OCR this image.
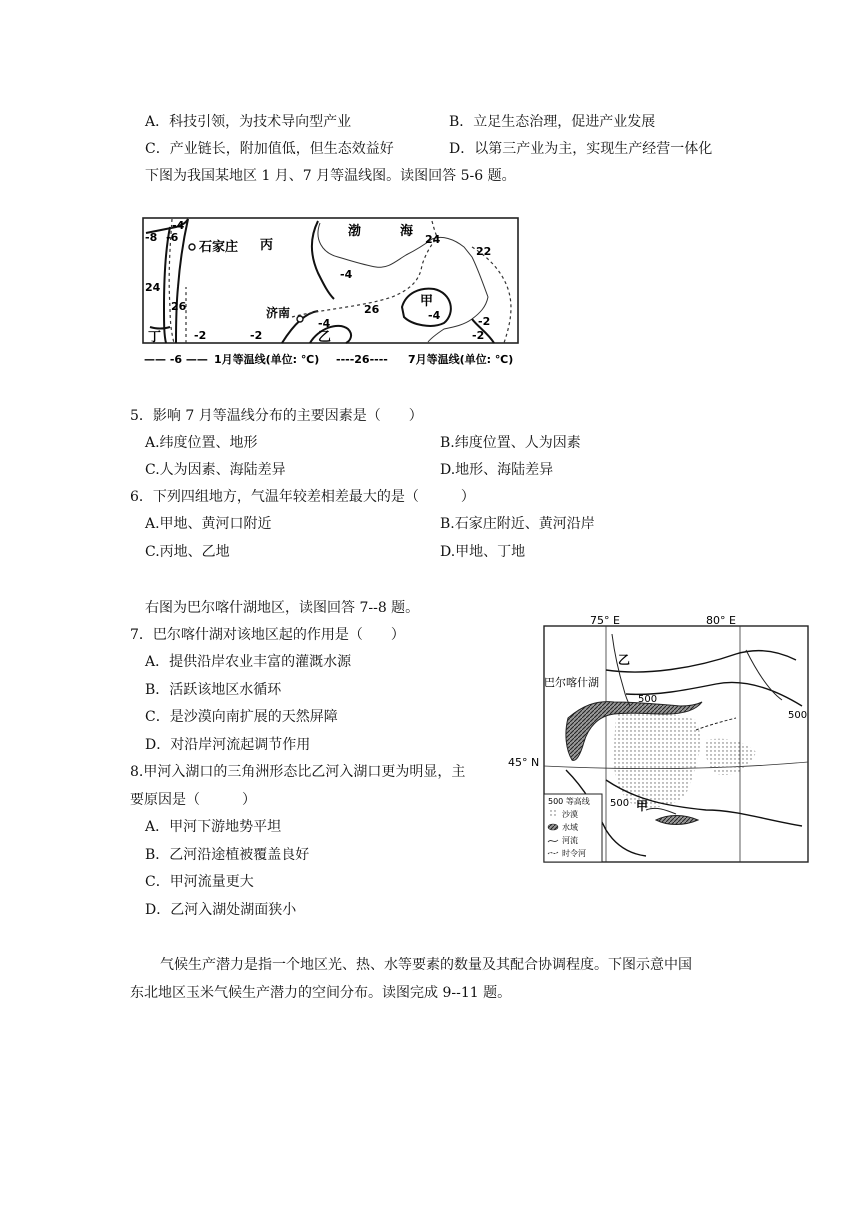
A．科技引领，为技术导向型产业	B．立足生态治理，促进产业发展
C．产业链长，附加值低，但生态效益好	D．以第三产业为主，实现生产经营一体化
下图为我国某地区 1 月、7 月等温线图。读图回答 5-6 题。
石家庄 丙
渤	海
济南
甲
乙
丁
-4
-8 -6
24
26
-4
24
22
-4
26
-2	-2
-4	-2
-2
—— -6 —— 1月等温线(单位: ℃) ----26---- 7月等温线(单位: ℃)
5．影响 7 月等温线分布的主要因素是（　　）
A.纬度位置、地形	B.纬度位置、人为因素
C.人为因素、海陆差异	D.地形、海陆差异
6．下列四组地方，气温年较差相差最大的是（　　　）
A.甲地、黄河口附近	B.石家庄附近、黄河沿岸
C.丙地、乙地	D.甲地、丁地
右图为巴尔喀什湖地区，读图回答 7--8 题。
7．巴尔喀什湖对该地区起的作用是（　　）
A．提供沿岸农业丰富的灌溉水源
B．活跃该地区水循环
C．是沙漠向南扩展的天然屏障
D．对沿岸河流起调节作用
8.甲河入湖口的三角洲形态比乙河入湖口更为明显，主
要原因是（　　　）
A．甲河下游地势平坦
B．乙河沿途植被覆盖良好
C．甲河流量更大
D．乙河入湖处湖面狭小
75° E	80° E
45° N
巴尔喀什湖
乙
甲
500
500
500
500 等高线
沙漠
水域
河流
时令河
气候生产潜力是指一个地区光、热、水等要素的数量及其配合协调程度。下图示意中国
东北地区玉米气候生产潜力的空间分布。读图完成 9--11 题。
